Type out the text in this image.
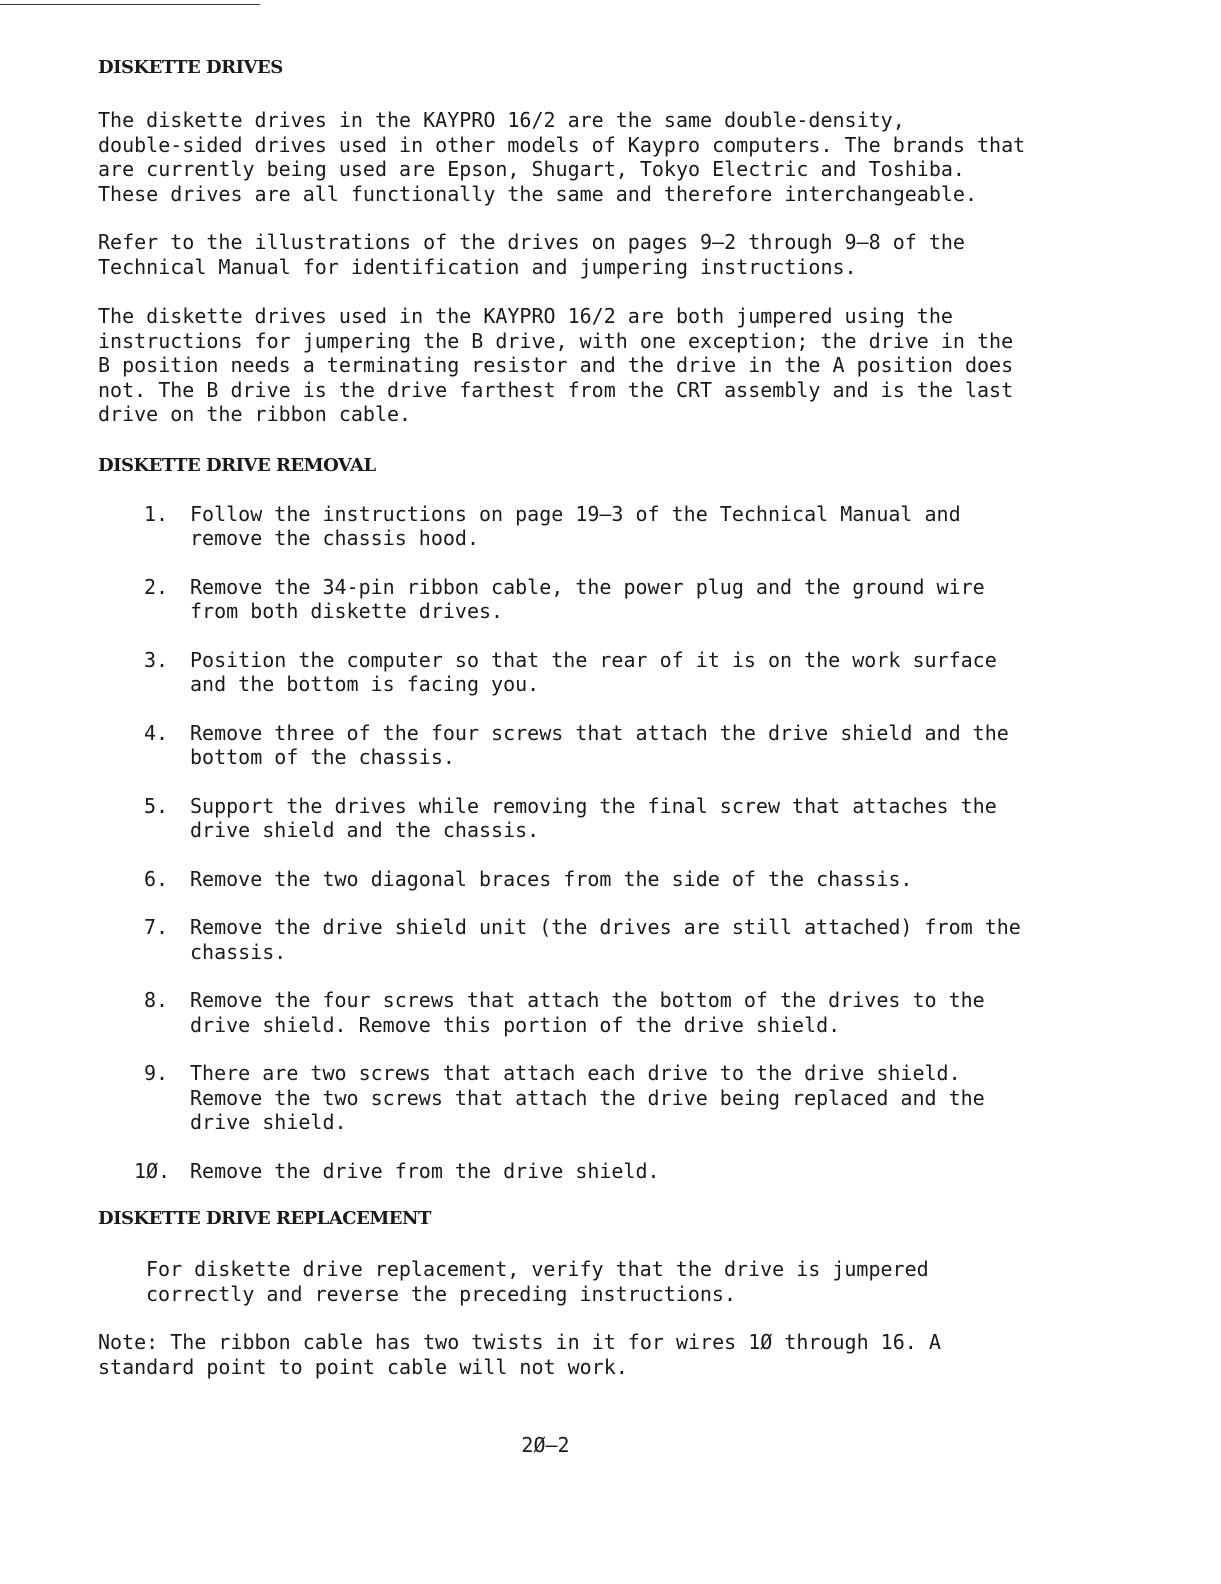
DISKETTE DRIVES

The diskette drives in the KAYPRO 16/2 are the same double-density,
double-sided drives used in other models of Kaypro computers. The brands that
are currently being used are Epson, Shugart, Tokyo Electric and Toshiba.
These drives are all functionally the same and therefore interchangeable.

Refer to the illustrations of the drives on pages 9—2 through 9—8 of the
Technical Manual for identification and jumpering instructions.

The diskette drives used in the KAYPRO 16/2 are both jumpered using the
instructions for jumpering the B drive, with one exception; the drive in the
B position needs a terminating resistor and the drive in the A position does
not. The B drive is the drive farthest from the CRT assembly and is the last
drive on the ribbon cable.

DISKETTE DRIVE REMOVAL
1. Follow the instructions on page 19—3 of the Technical Manual and
remove the chassis hood.
2. Remove the 34-pin ribbon cable, the power plug and the ground wire
from both diskette drives.
3. Position the computer so that the rear of it is on the work surface
and the bottom is facing you.
4. Remove three of the four screws that attach the drive shield and the
bottom of the chassis.
5. Support the drives while removing the final screw that attaches the
drive shield and the chassis.
6. Remove the two diagonal braces from the side of the chassis.
7. Remove the drive shield unit (the drives are still attached) from the
chassis.
8. Remove the four screws that attach the bottom of the drives to the
drive shield. Remove this portion of the drive shield.
9. There are two screws that attach each drive to the drive shield.
Remove the two screws that attach the drive being replaced and the
drive shield.
1Ø. Remove the drive from the drive shield.
DISKETTE DRIVE REPLACEMENT

For diskette drive replacement, verify that the drive is jumpered
correctly and reverse the preceding instructions.

Note: The ribbon cable has two twists in it for wires 1Ø through 16. A
standard point to point cable will not work.

2Ø—2
